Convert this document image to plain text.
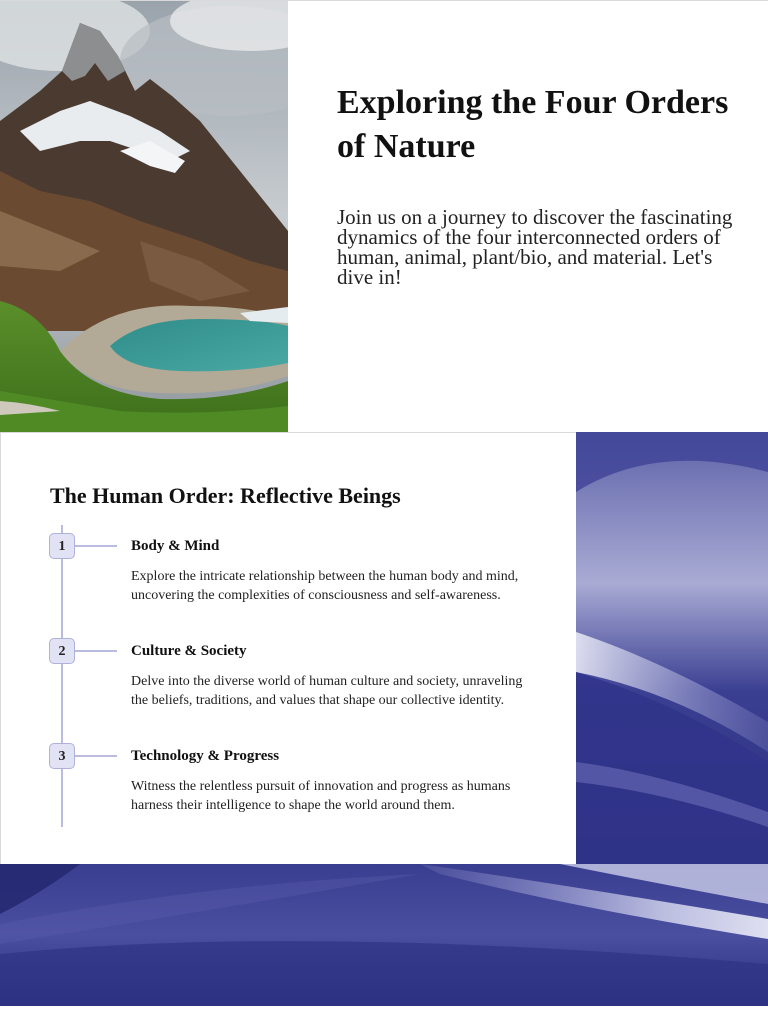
Exploring the Four Orders of Nature

Join us on a journey to discover the fascinating dynamics of the four interconnected orders of human, animal, plant/bio, and material. Let's dive in!

The Human Order: Reflective Beings
1	Body & Mind

Explore the intricate relationship between the human body and mind, uncovering the complexities of consciousness and self-awareness.

2	Culture & Society

Delve into the diverse world of human culture and society, unraveling the beliefs, traditions, and values that shape our collective identity.

3	Technology & Progress

Witness the relentless pursuit of innovation and progress as humans harness their intelligence to shape the world around them.
